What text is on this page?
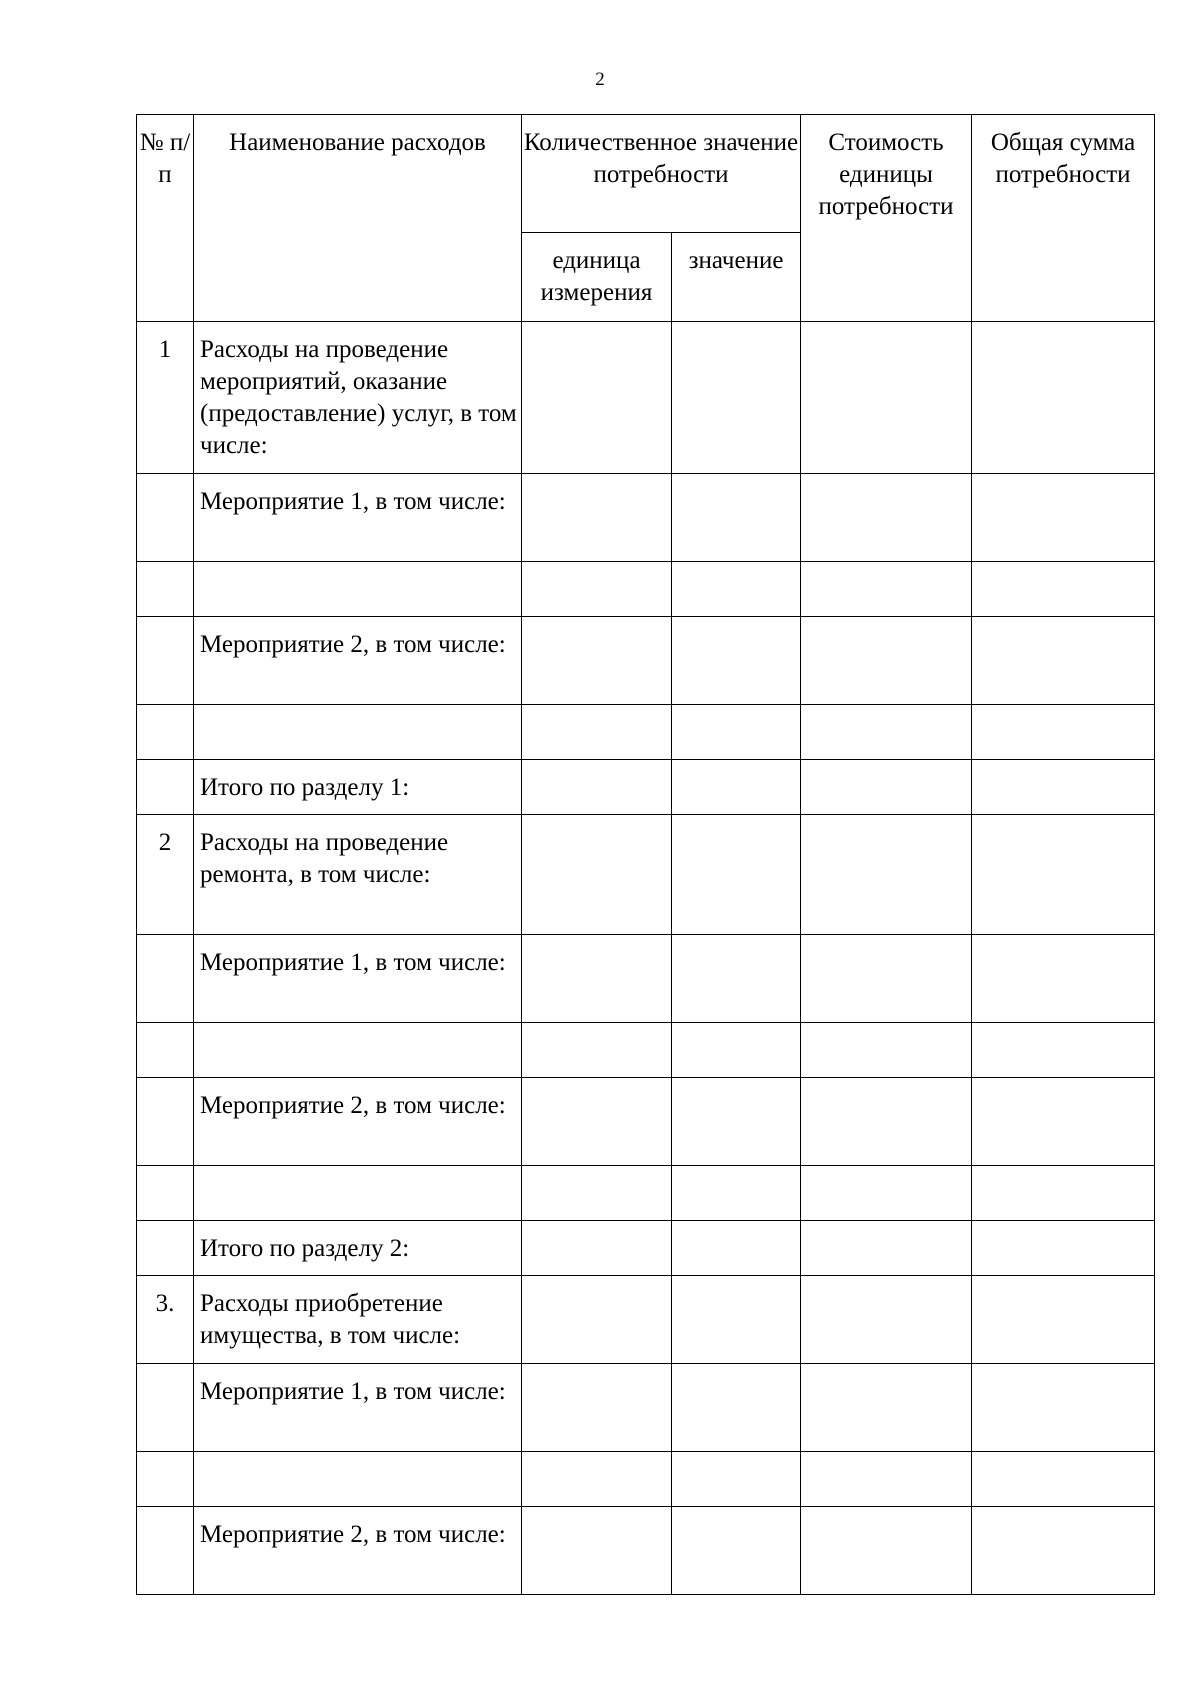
2
№ п/п	Наименование расходов	Количественное значение потребности		Стоимость единицы потребности	Общая сумма потребности
		единица измерения	значение		
1	Расходы на проведение мероприятий, оказание (предоставление) услуг, в том числе:				
	Мероприятие 1, в том числе:				

	Мероприятие 2, в том числе:				

	Итого по разделу 1:				
2	Расходы на проведение ремонта, в том числе:				
	Мероприятие 1, в том числе:				

	Мероприятие 2, в том числе:				

	Итого по разделу 2:				
3.	Расходы приобретение имущества, в том числе:				
	Мероприятие 1, в том числе:				

	Мероприятие 2, в том числе:				
